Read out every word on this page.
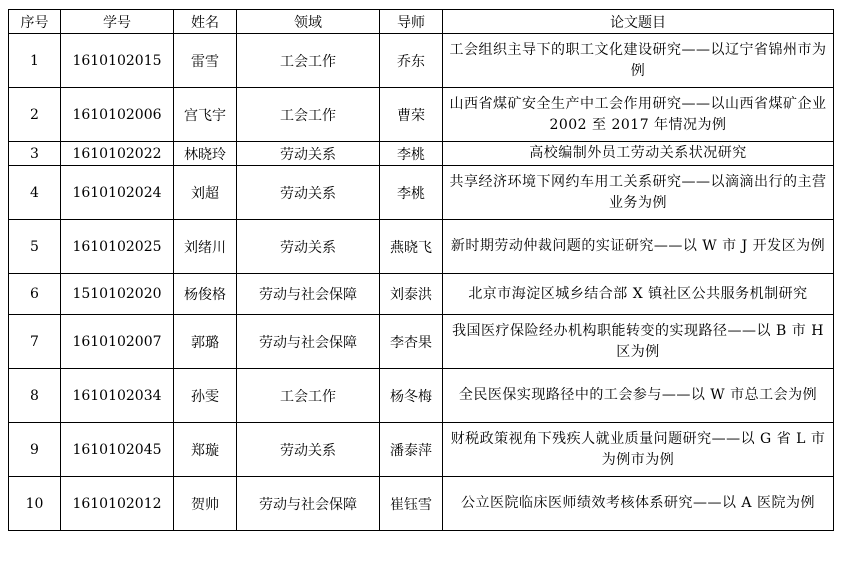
序号	学号	姓名	领域	导师	论文题目
1	1610102015	雷雪	工会工作	乔东	工会组织主导下的职工文化建设研究——以辽宁省锦州市为例
2	1610102006	宫飞宇	工会工作	曹荣	山西省煤矿安全生产中工会作用研究——以山西省煤矿企业 2002 至 2017 年情况为例
3	1610102022	林晓玲	劳动关系	李桃	高校编制外员工劳动关系状况研究
4	1610102024	刘超	劳动关系	李桃	共享经济环境下网约车用工关系研究——以滴滴出行的主营业务为例
5	1610102025	刘绪川	劳动关系	燕晓飞	新时期劳动仲裁问题的实证研究——以 W 市 J 开发区为例
6	1510102020	杨俊格	劳动与社会保障	刘泰洪	北京市海淀区城乡结合部 X 镇社区公共服务机制研究
7	1610102007	郭璐	劳动与社会保障	李杏果	我国医疗保险经办机构职能转变的实现路径——以 B 市 H 区为例
8	1610102034	孙雯	工会工作	杨冬梅	全民医保实现路径中的工会参与——以 W 市总工会为例
9	1610102045	郑璇	劳动关系	潘泰萍	财税政策视角下残疾人就业质量问题研究——以 G 省 L 市为例市为例
10	1610102012	贺帅	劳动与社会保障	崔钰雪	公立医院临床医师绩效考核体系研究——以 A 医院为例
